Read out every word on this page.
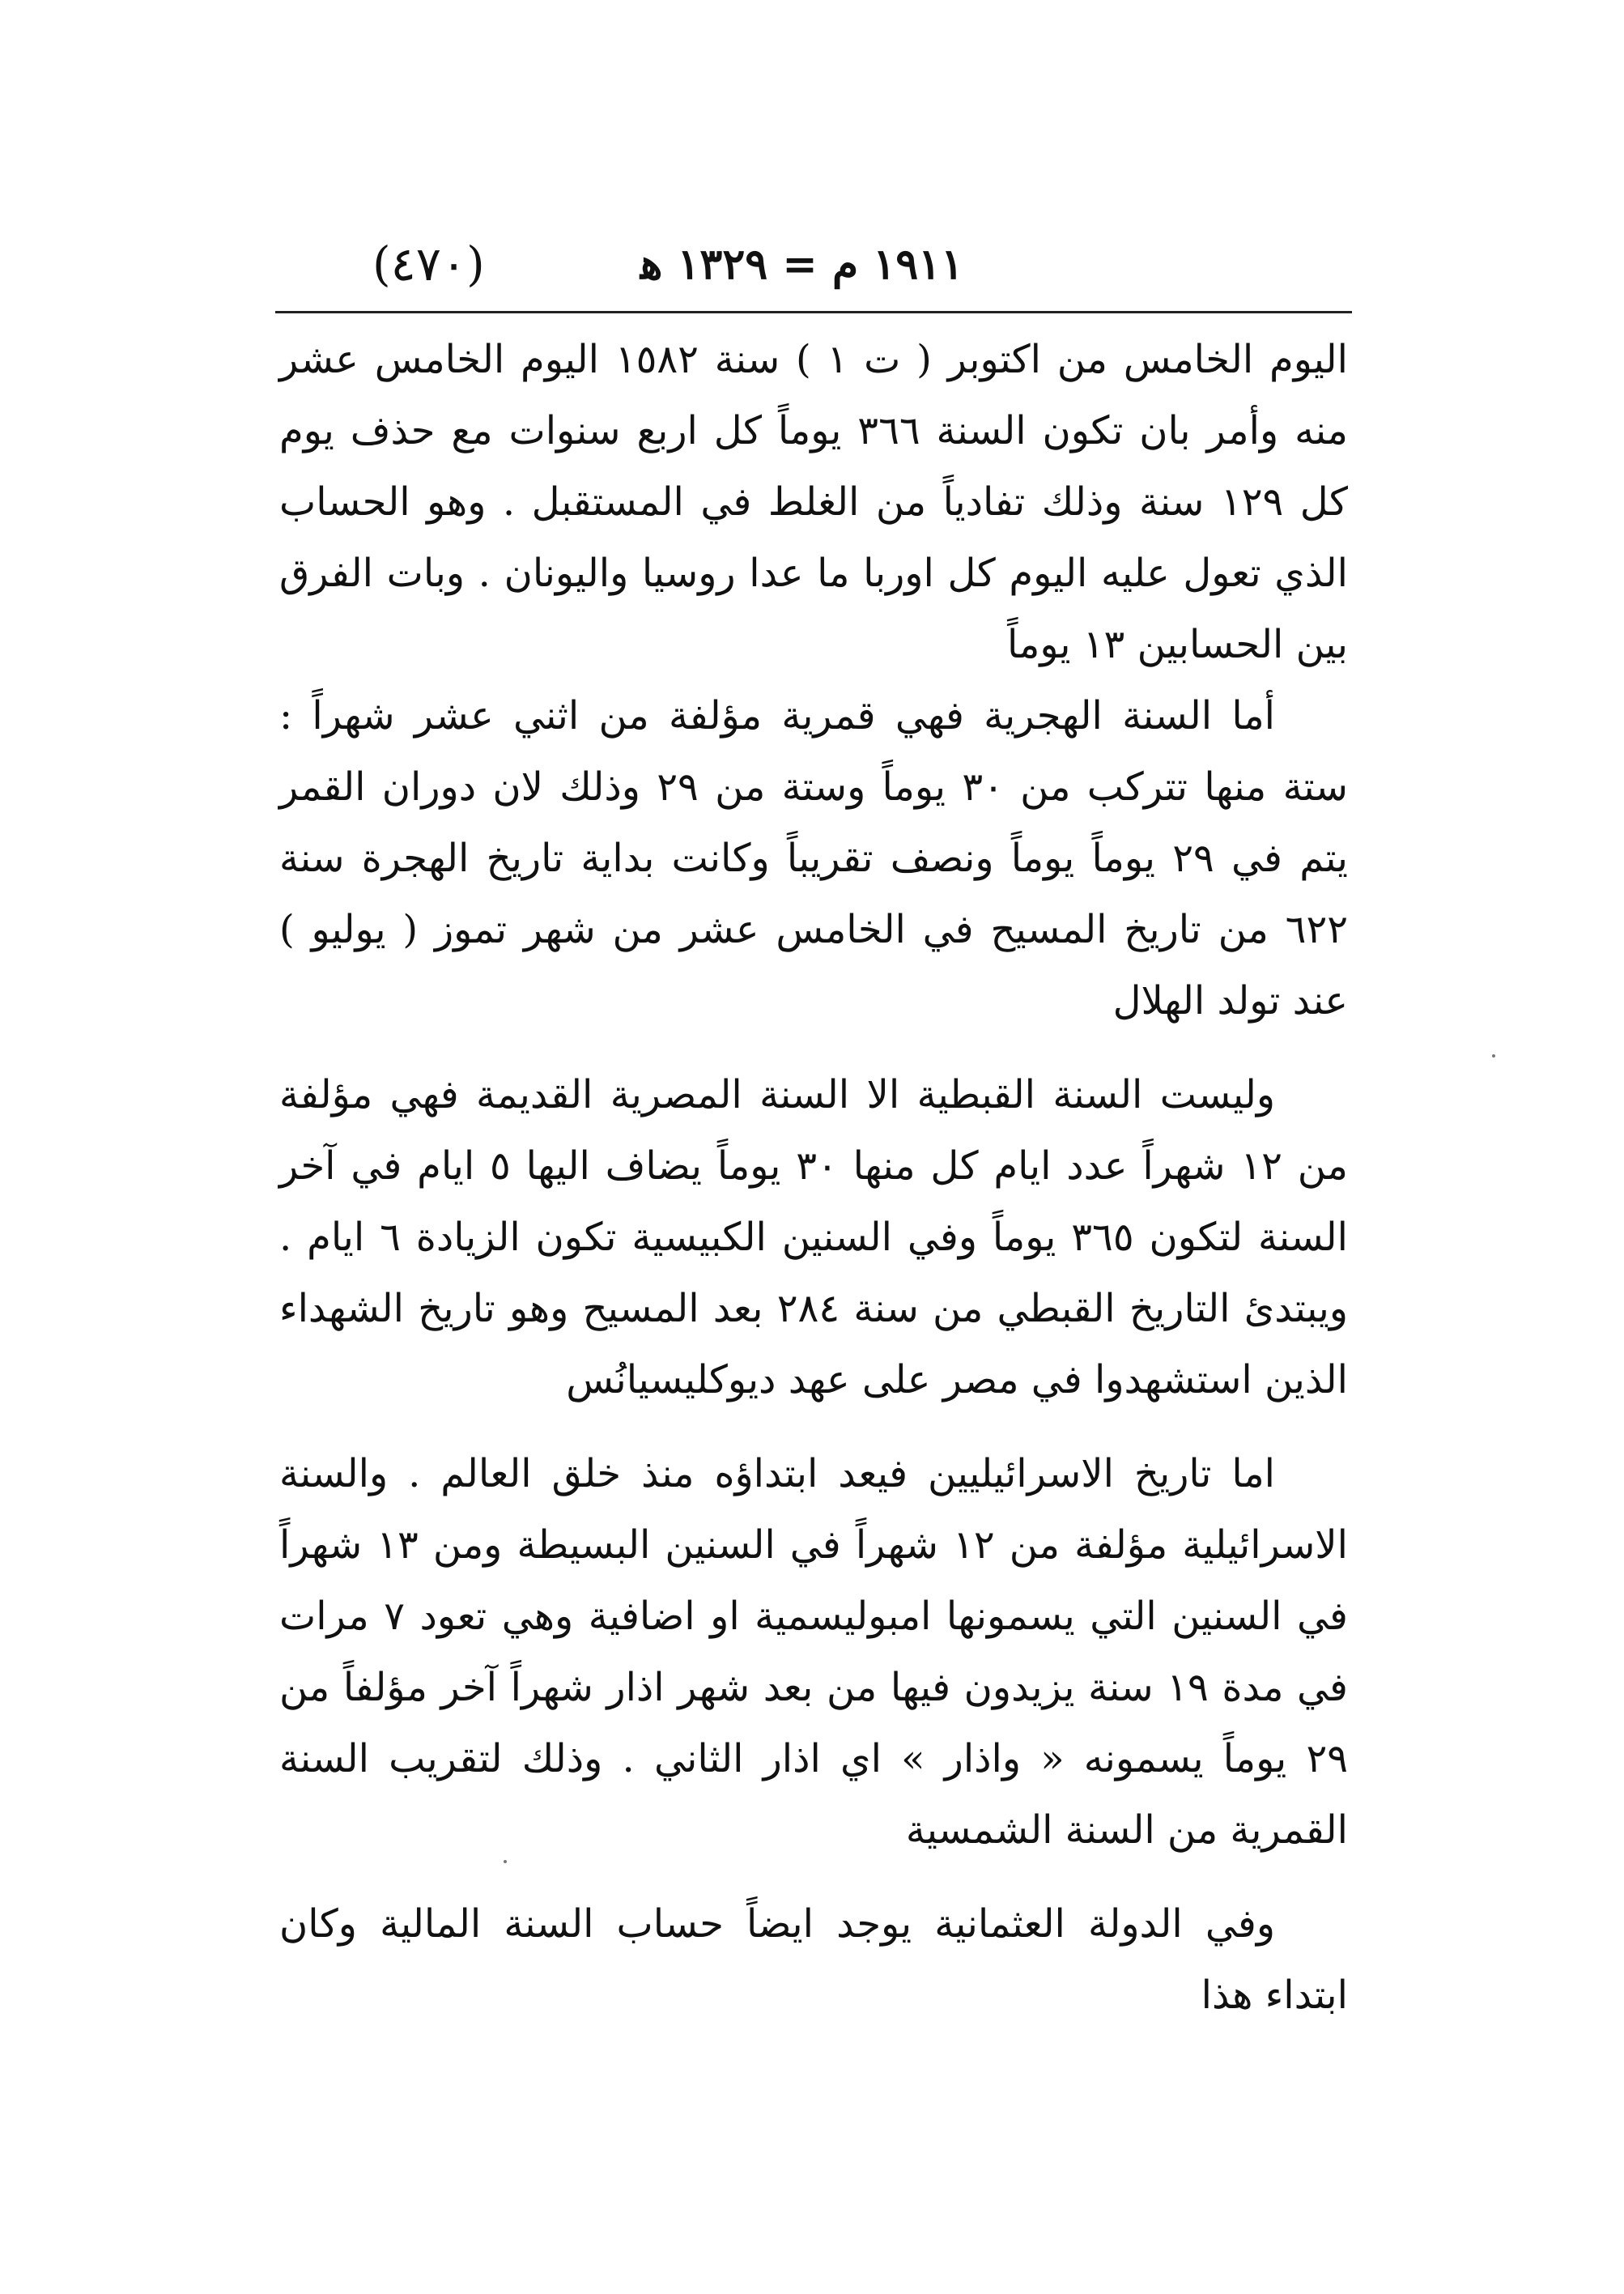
(٤٧٠)	١٩١١ م = ١٣٢٩ ﻫ

اليوم الخامس من اكتوبر ( ت ١ ) سنة ١٥٨٢ اليوم الخامس عشر منه وأمر بان تكون السنة ٣٦٦ يوماً كل اربع سنوات مع حذف يوم كل ١٢٩ سنة وذلك تفادياً من الغلط في المستقبل . وهو الحساب الذي تعول عليه اليوم كل اوربا ما عدا روسيا واليونان . وبات الفرق بين الحسابين ١٣ يوماً

أما السنة الهجرية فهي قمرية مؤلفة من اثني عشر شهراً : ستة منها تتركب من ٣٠ يوماً وستة من ٢٩ وذلك لان دوران القمر يتم في ٢٩ يوماً يوماً ونصف تقريباً وكانت بداية تاريخ الهجرة سنة ٦٢٢ من تاريخ المسيح في الخامس عشر من شهر تموز ( يوليو ) عند تولد الهلال

وليست السنة القبطية الا السنة المصرية القديمة فهي مؤلفة من ١٢ شهراً عدد ايام كل منها ٣٠ يوماً يضاف اليها ٥ ايام في آخر السنة لتكون ٣٦٥ يوماً وفي السنين الكبيسية تكون الزيادة ٦ ايام . ويبتدئ التاريخ القبطي من سنة ٢٨٤ بعد المسيح وهو تاريخ الشهداء الذين استشهدوا في مصر على عهد ديوكليسيانُس

اما تاريخ الاسرائيليين فيعد ابتداؤه منذ خلق العالم . والسنة الاسرائيلية مؤلفة من ١٢ شهراً في السنين البسيطة ومن ١٣ شهراً في السنين التي يسمونها امبوليسمية او اضافية وهي تعود ٧ مرات في مدة ١٩ سنة يزيدون فيها من بعد شهر اذار شهراً آخر مؤلفاً من ٢٩ يوماً يسمونه « واذار » اي اذار الثاني . وذلك لتقريب السنة القمرية من السنة الشمسية

وفي الدولة العثمانية يوجد ايضاً حساب السنة المالية وكان ابتداء هذا
